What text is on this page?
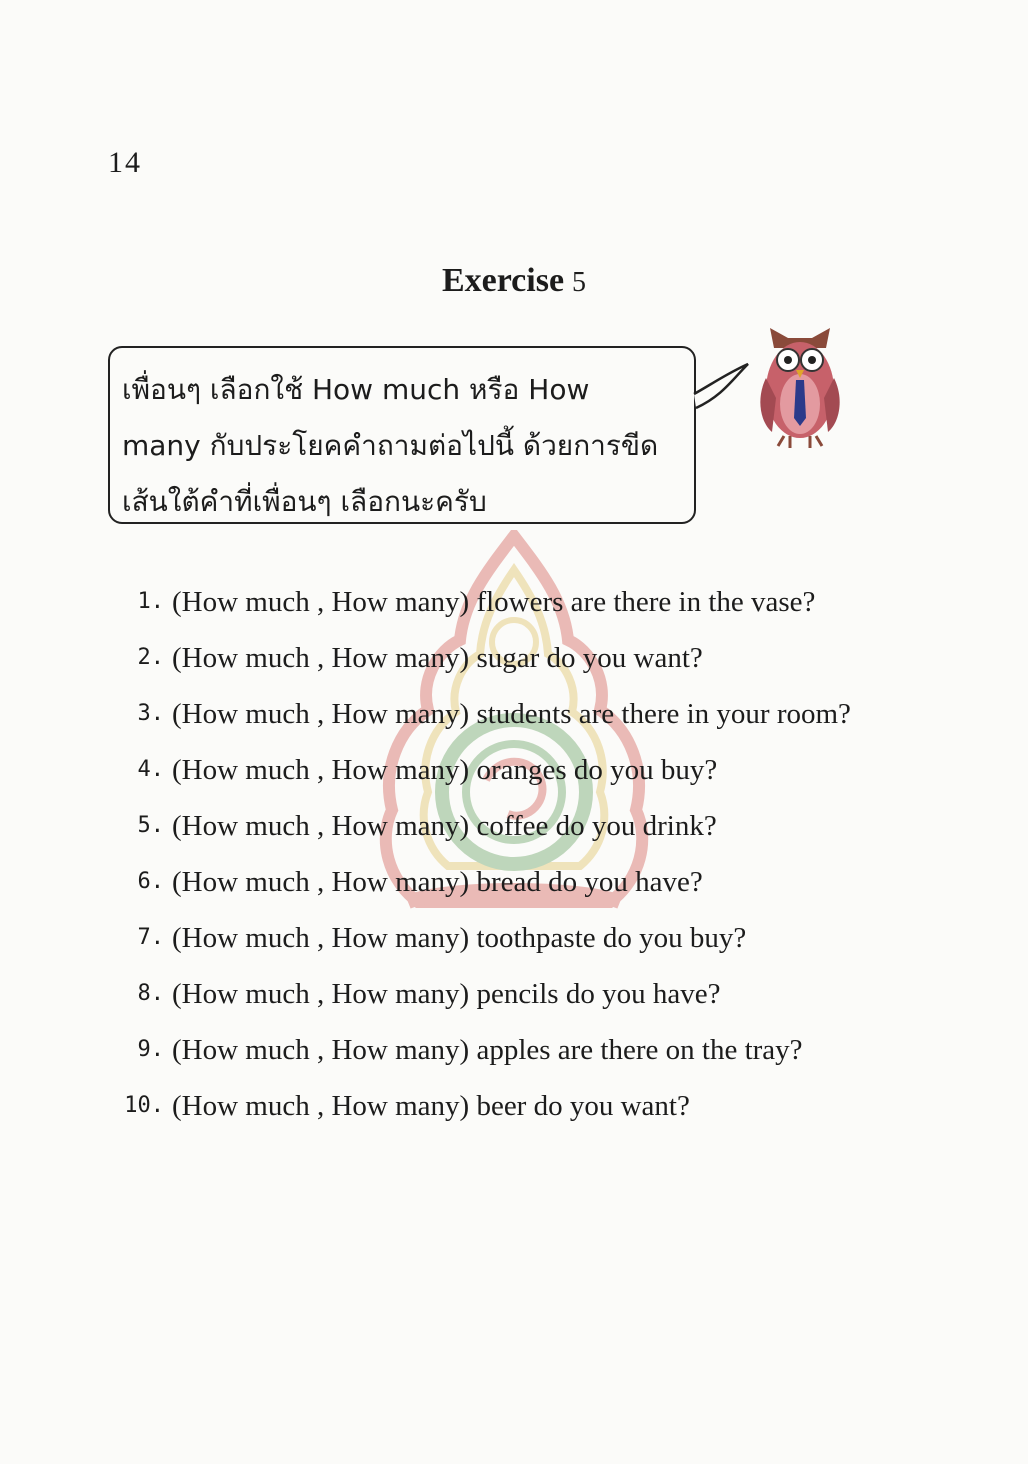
14
Exercise 5
เพื่อนๆ เลือกใช้ How much หรือ How
many กับประโยคคำถามต่อไปนี้ ด้วยการขีด
เส้นใต้คำที่เพื่อนๆ เลือกนะครับ
1. (How much , How many) flowers are there in the vase?
2. (How much , How many) sugar do you want?
3. (How much , How many) students are there in your room?
4. (How much , How many) oranges do you buy?
5. (How much , How many) coffee do you drink?
6. (How much , How many) bread do you have?
7. (How much , How many) toothpaste do you buy?
8. (How much , How many) pencils do you have?
9. (How much , How many) apples are there on the tray?
10. (How much , How many) beer do you want?
